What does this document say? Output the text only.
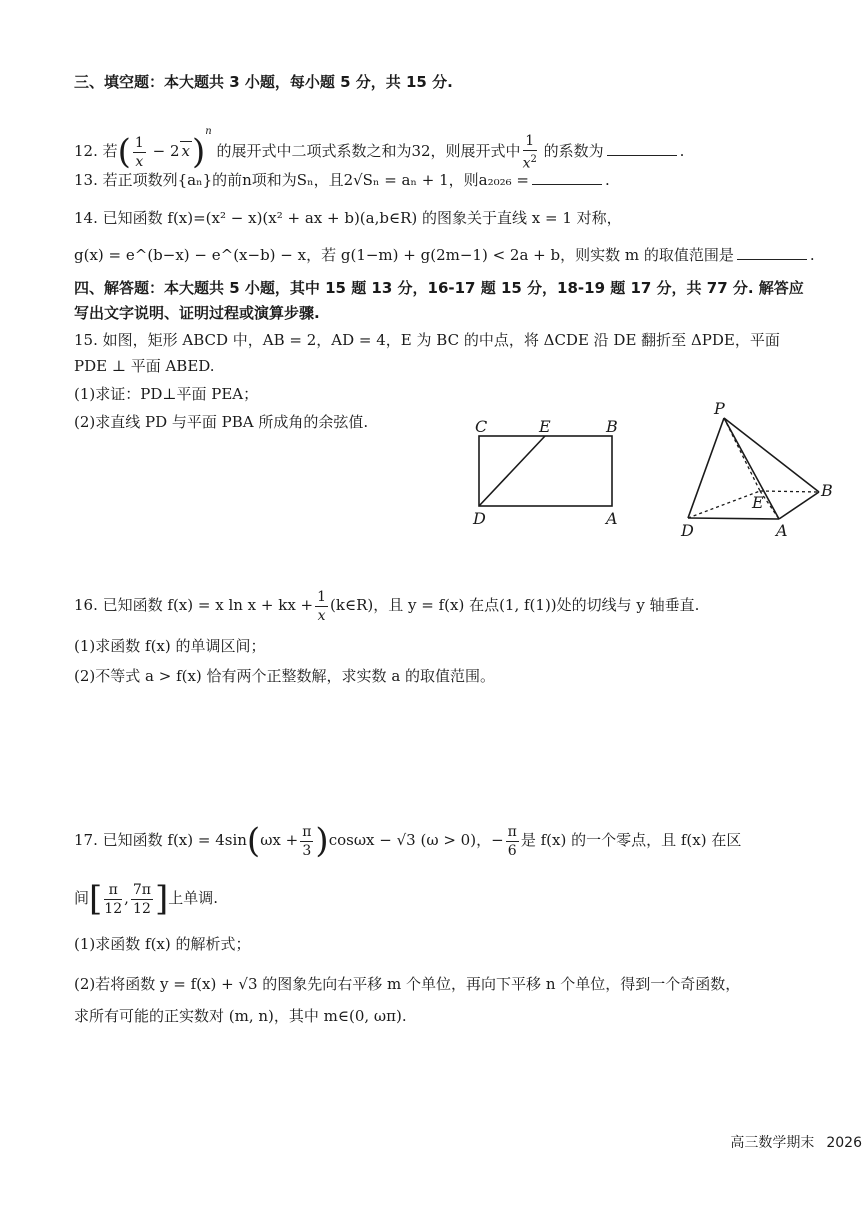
三、填空题：本大题共 3 小题，每小题 5 分，共 15 分.
12. 若( $\frac{1}{x} - 2$ x)$^n$ 的展开式中二项式系数之和为32，则展开式中 $\frac{1}{x^2}$ 的系数为	.
13. 若正项数列{aₙ}的前n项和为Sₙ，且2√Sₙ = aₙ + 1，则a₂₀₂₆ =	.
14. 已知函数 f(x)=(x² − x)(x² + ax + b)(a,b∈R) 的图象关于直线 x = 1 对称，
g(x) = e^(b−x) − e^(x−b) − x，若 g(1−m) + g(2m−1) < 2a + b，则实数 m 的取值范围是	.
四、解答题：本大题共 5 小题，其中 15 题 13 分，16-17 题 15 分，18-19 题 17 分，共 77 分. 解答应
写出文字说明、证明过程或演算步骤.
15. 如图，矩形 ABCD 中，AB = 2，AD = 4，E 为 BC 的中点，将 ΔCDE 沿 DE 翻折至 ΔPDE，平面
PDE ⊥ 平面 ABED.
(1)求证：PD⊥平面 PEA；
(2)求直线 PD 与平面 PBA 所成角的余弦值.	C	E	B
D	A
P
E
B
D	A
16. 已知函数 f(x) = x ln x + kx + $\frac{1}{x}$ (k∈R)，且 y = f(x) 在点(1, f(1))处的切线与 y 轴垂直.
(1)求函数 f(x) 的单调区间；
(2)不等式 a > f(x) 恰有两个正整数解，求实数 a 的取值范围。
17. 已知函数 $f(x) = 4\sin(\omega x + \frac{\pi}{3} )\cos\omega x - √3$ (ω > 0)，− $\frac{\pi}{6}$ 是 f(x) 的一个零点，且 f(x) 在区
间[ $\frac{\pi}{12}$ , $\frac{7\pi}{12}$ ]上单调.
(1)求函数 f(x) 的解析式；
(2)若将函数 y = f(x) + √3 的图象先向右平移 m 个单位，再向下平移 n 个单位，得到一个奇函数，
求所有可能的正实数对 (m, n)，其中 m∈(0, ωπ).
高三数学期末 2026
